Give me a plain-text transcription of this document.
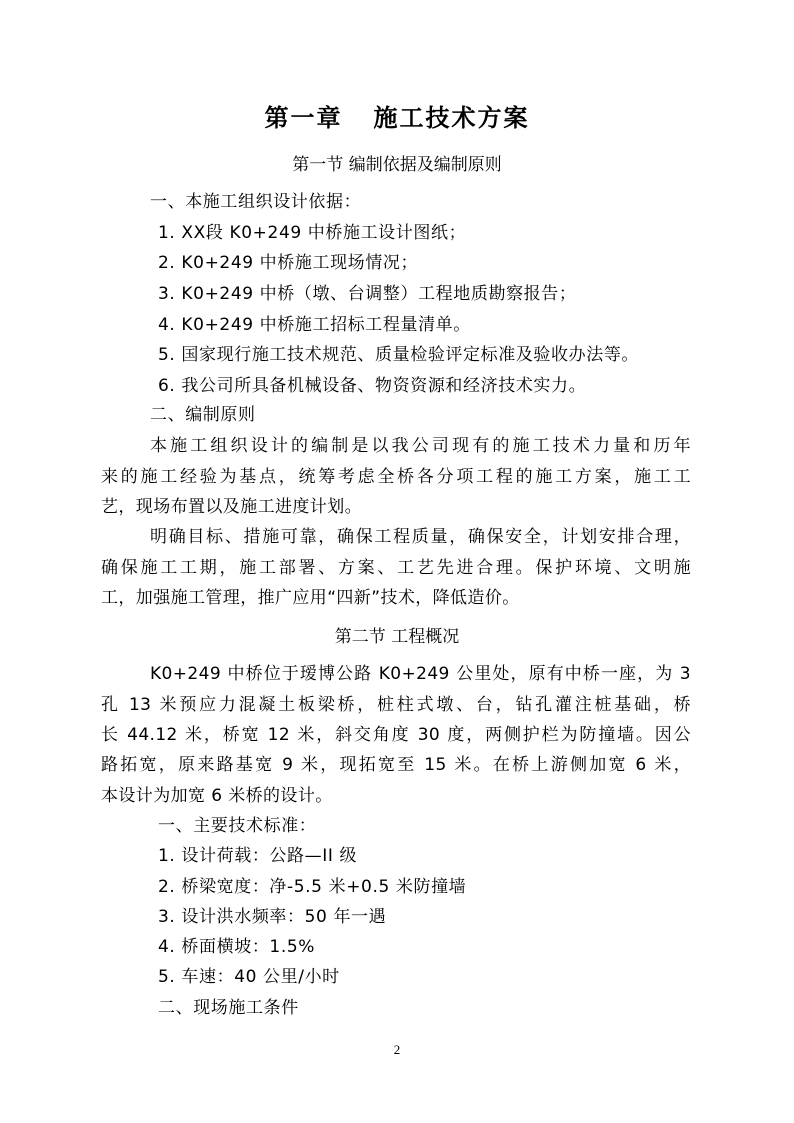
第一章   施工技术方案
第一节 编制依据及编制原则
一、本施工组织设计依据：
1. XX段 K0+249 中桥施工设计图纸；
2. K0+249 中桥施工现场情况；
3. K0+249 中桥（墩、台调整）工程地质勘察报告；
4. K0+249 中桥施工招标工程量清单。
5. 国家现行施工技术规范、质量检验评定标准及验收办法等。
6. 我公司所具备机械设备、物资资源和经济技术实力。
二、编制原则
本施工组织设计的编制是以我公司现有的施工技术力量和历年
来的施工经验为基点，统筹考虑全桥各分项工程的施工方案，施工工
艺，现场布置以及施工进度计划。
明确目标、措施可靠，确保工程质量，确保安全，计划安排合理，
确保施工工期，施工部署、方案、工艺先进合理。保护环境、文明施
工，加强施工管理，推广应用“四新”技术，降低造价。
第二节 工程概况
K0+249 中桥位于瑷博公路 K0+249 公里处，原有中桥一座，为 3
孔 13 米预应力混凝土板梁桥，桩柱式墩、台，钻孔灌注桩基础，桥
长 44.12 米，桥宽 12 米，斜交角度 30 度，两侧护栏为防撞墙。因公
路拓宽，原来路基宽 9 米，现拓宽至 15 米。在桥上游侧加宽 6 米，
本设计为加宽 6 米桥的设计。
一、主要技术标准：
1. 设计荷载：公路—II 级
2. 桥梁宽度：净-5.5 米+0.5 米防撞墙
3. 设计洪水频率：50 年一遇
4. 桥面横坡：1.5%
5. 车速：40 公里/小时
二、现场施工条件
2
